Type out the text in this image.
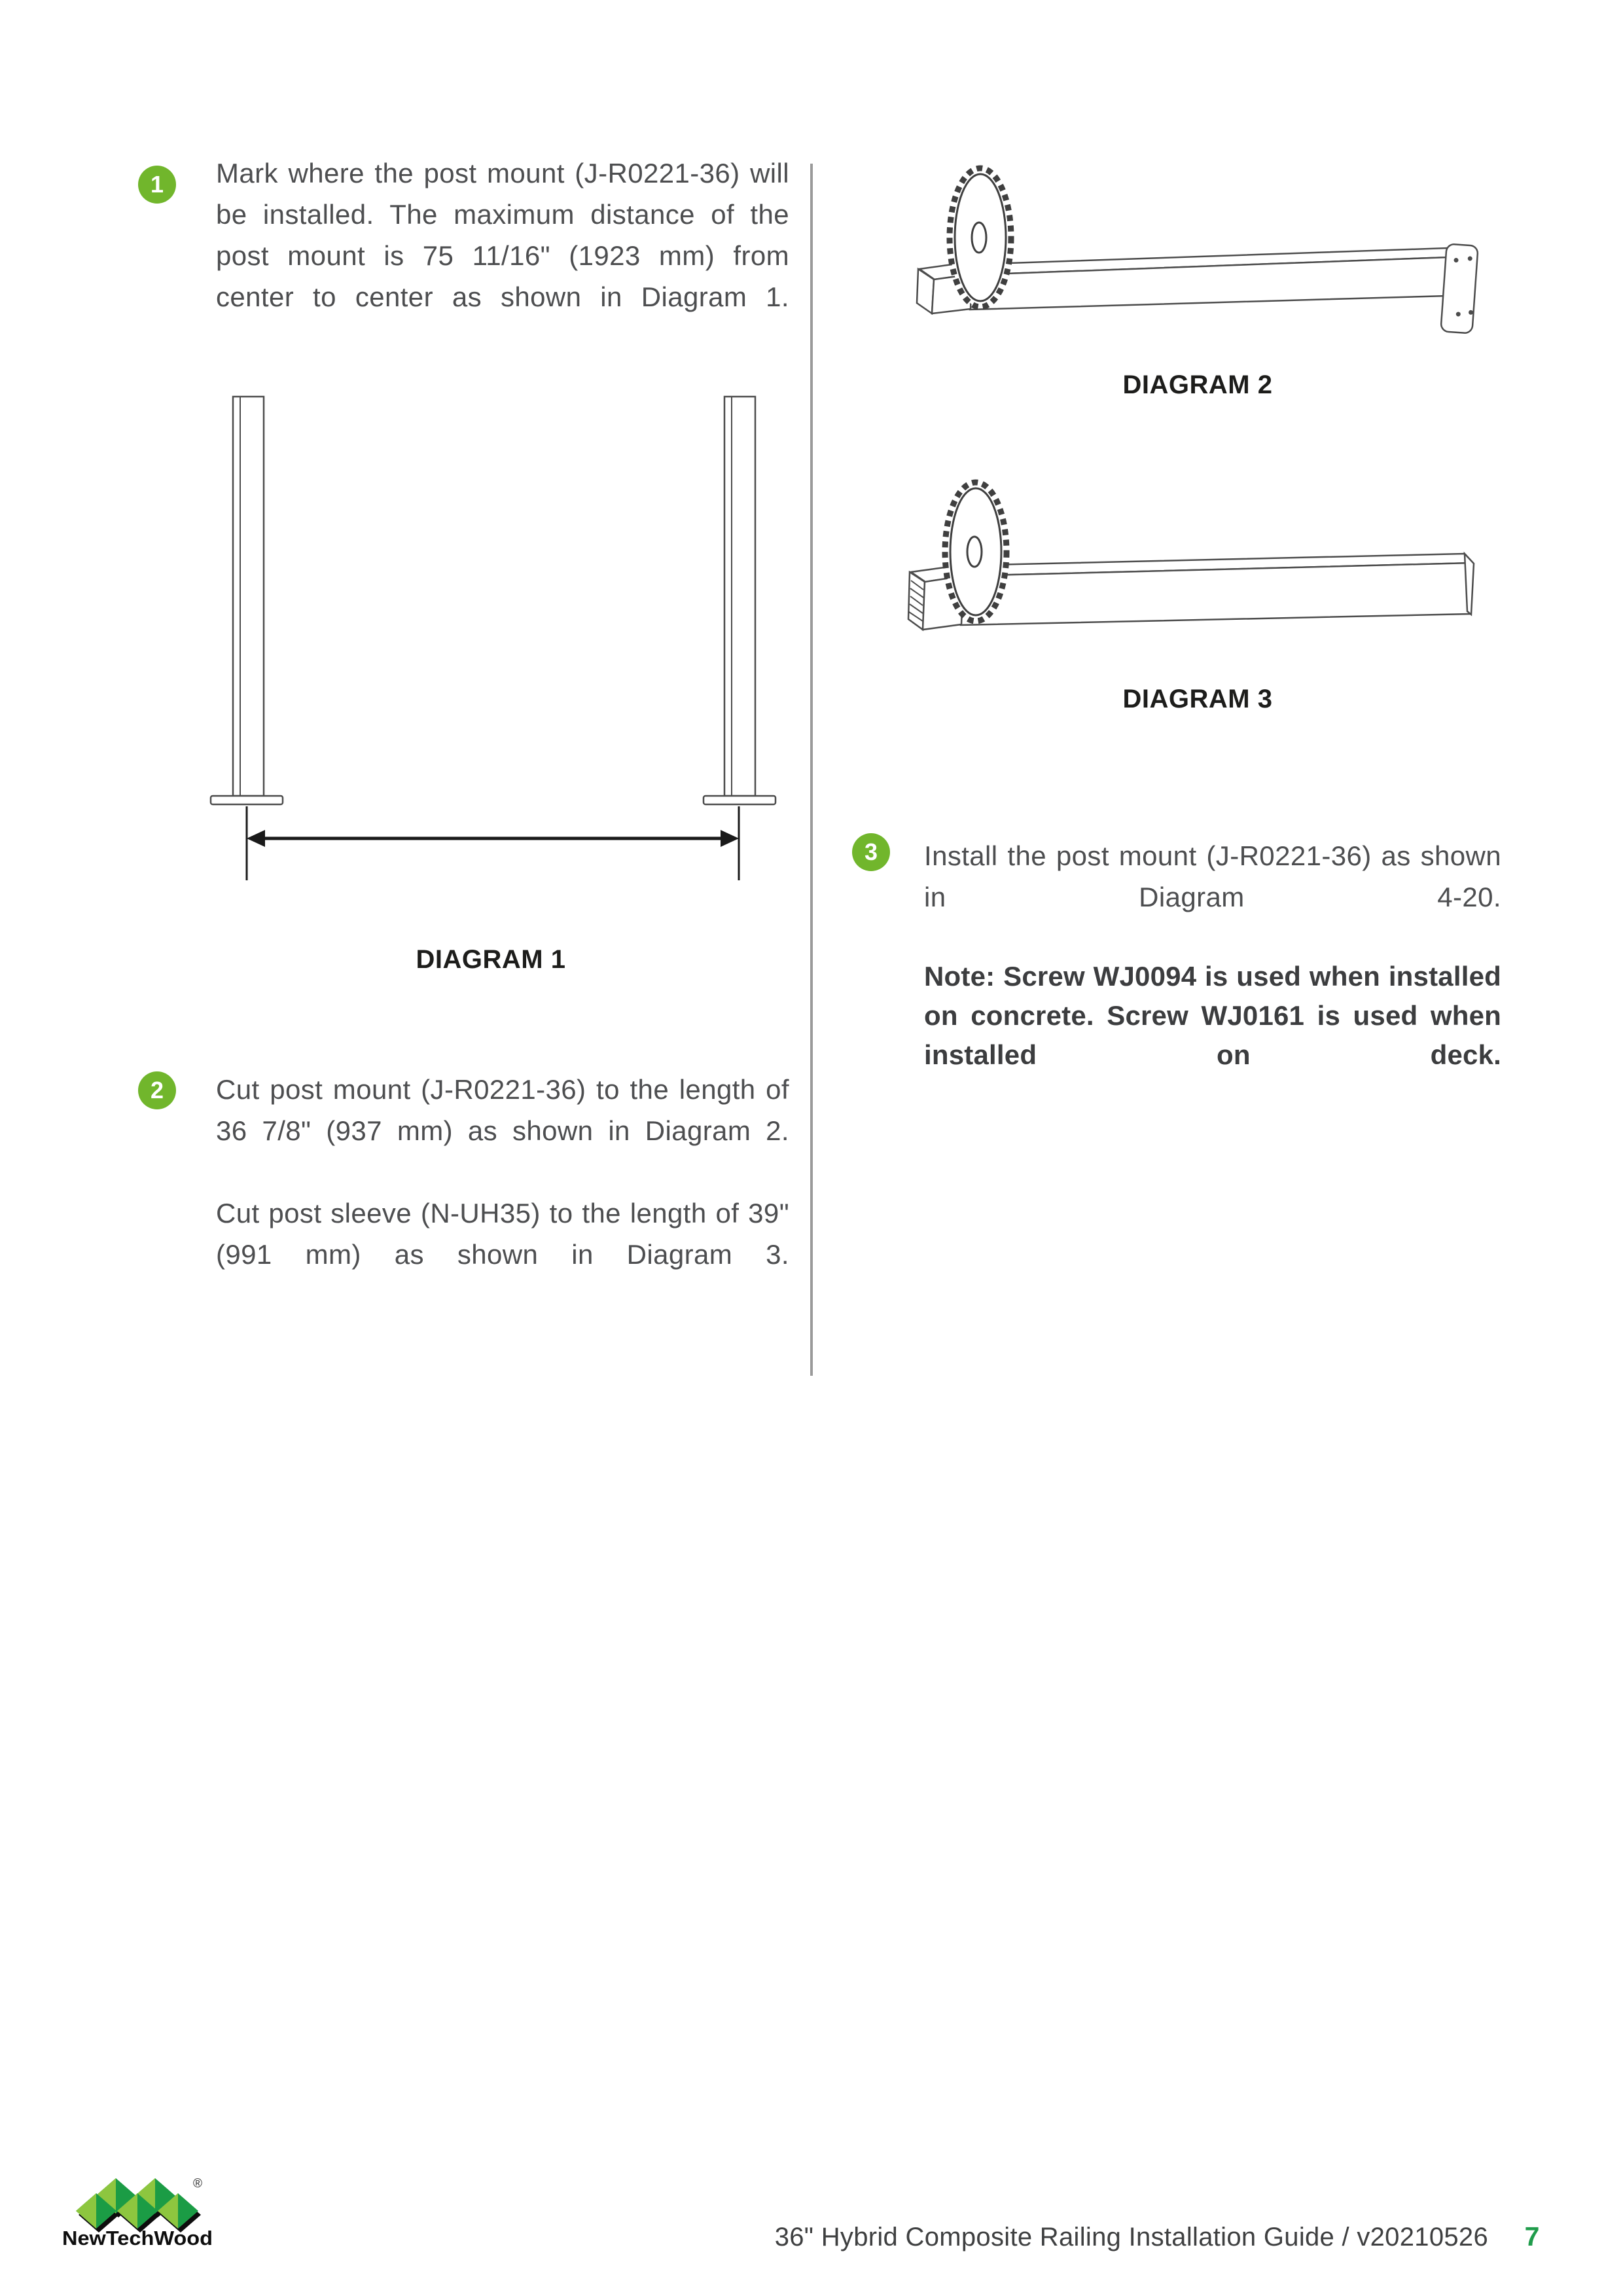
1	Mark where the post mount (J-R0221-36) will be installed. The maximum distance of the post mount is 75 11/16" (1923 mm) from center to center as shown in Diagram 1.

DIAGRAM 1
2	Cut post mount (J-R0221-36) to the length of 36 7/8" (937 mm) as shown in Diagram 2.

Cut post sleeve (N-UH35) to the length of 39" (991 mm) as shown in Diagram 3.

DIAGRAM 2
DIAGRAM 3
3	Install the post mount (J-R0221-36) as shown in Diagram 4-20.

Note: Screw WJ0094 is used when installed on concrete. Screw WJ0161 is used when installed on deck.

®
NewTechWood	36" Hybrid Composite Railing Installation Guide / v20210526	7
